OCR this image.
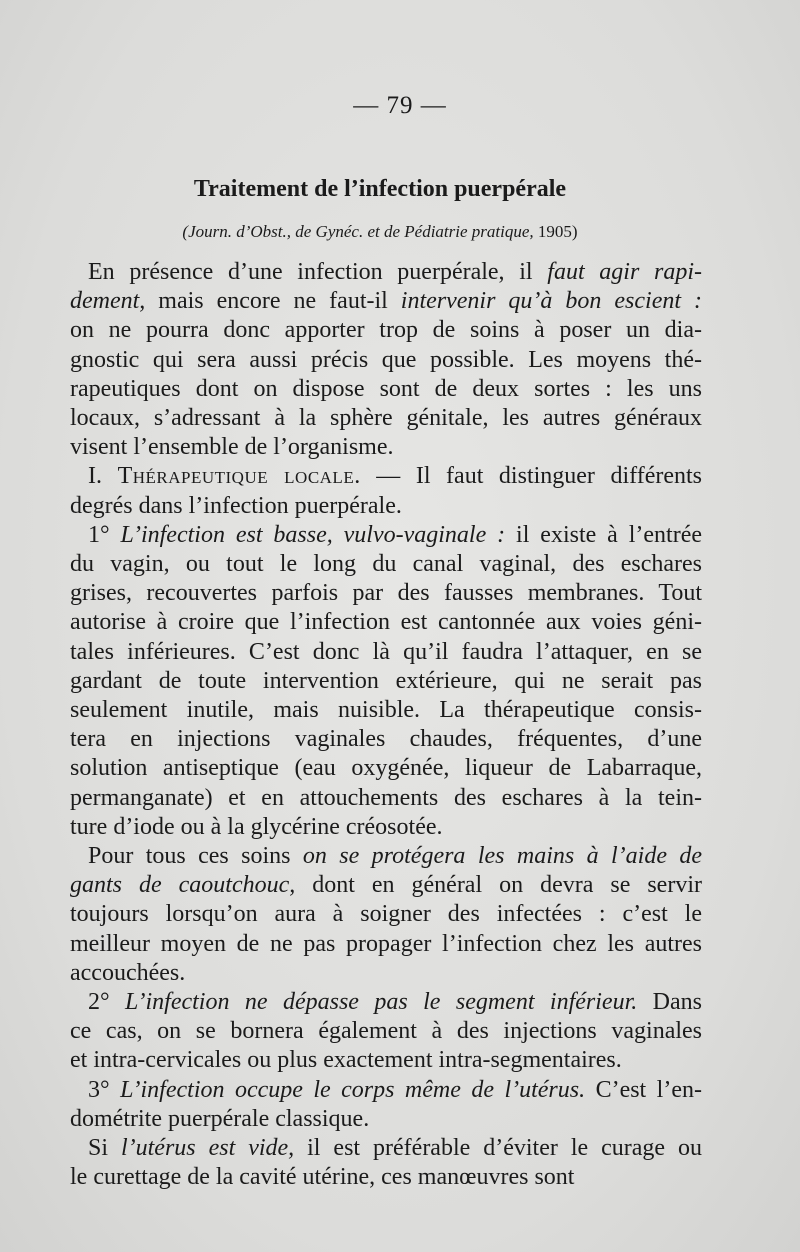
— 79 —
Traitement de l’infection puerpérale
(Journ. d’Obst., de Gynéc. et de Pédiatrie pratique, 1905)
En présence d’une infection puerpérale, il faut agir rapi-
dement, mais encore ne faut-il intervenir qu’à bon escient :
on ne pourra donc apporter trop de soins à poser un dia-
gnostic qui sera aussi précis que possible. Les moyens thé-
rapeutiques dont on dispose sont de deux sortes : les uns
locaux, s’adressant à la sphère génitale, les autres généraux
visent l’ensemble de l’organisme.
I. Thérapeutique locale. — Il faut distinguer différents
degrés dans l’infection puerpérale.
1° L’infection est basse, vulvo-vaginale : il existe à l’entrée
du vagin, ou tout le long du canal vaginal, des eschares
grises, recouvertes parfois par des fausses membranes. Tout
autorise à croire que l’infection est cantonnée aux voies géni-
tales inférieures. C’est donc là qu’il faudra l’attaquer, en se
gardant de toute intervention extérieure, qui ne serait pas
seulement inutile, mais nuisible. La thérapeutique consis-
tera en injections vaginales chaudes, fréquentes, d’une
solution antiseptique (eau oxygénée, liqueur de Labarraque,
permanganate) et en attouchements des eschares à la tein-
ture d’iode ou à la glycérine créosotée.
Pour tous ces soins on se protégera les mains à l’aide de
gants de caoutchouc, dont en général on devra se servir
toujours lorsqu’on aura à soigner des infectées : c’est le
meilleur moyen de ne pas propager l’infection chez les autres
accouchées.
2° L’infection ne dépasse pas le segment inférieur. Dans
ce cas, on se bornera également à des injections vaginales
et intra-cervicales ou plus exactement intra-segmentaires.
3° L’infection occupe le corps même de l’utérus. C’est l’en-
dométrite puerpérale classique.
Si l’utérus est vide, il est préférable d’éviter le curage ou
le curettage de la cavité utérine, ces manœuvres sont
